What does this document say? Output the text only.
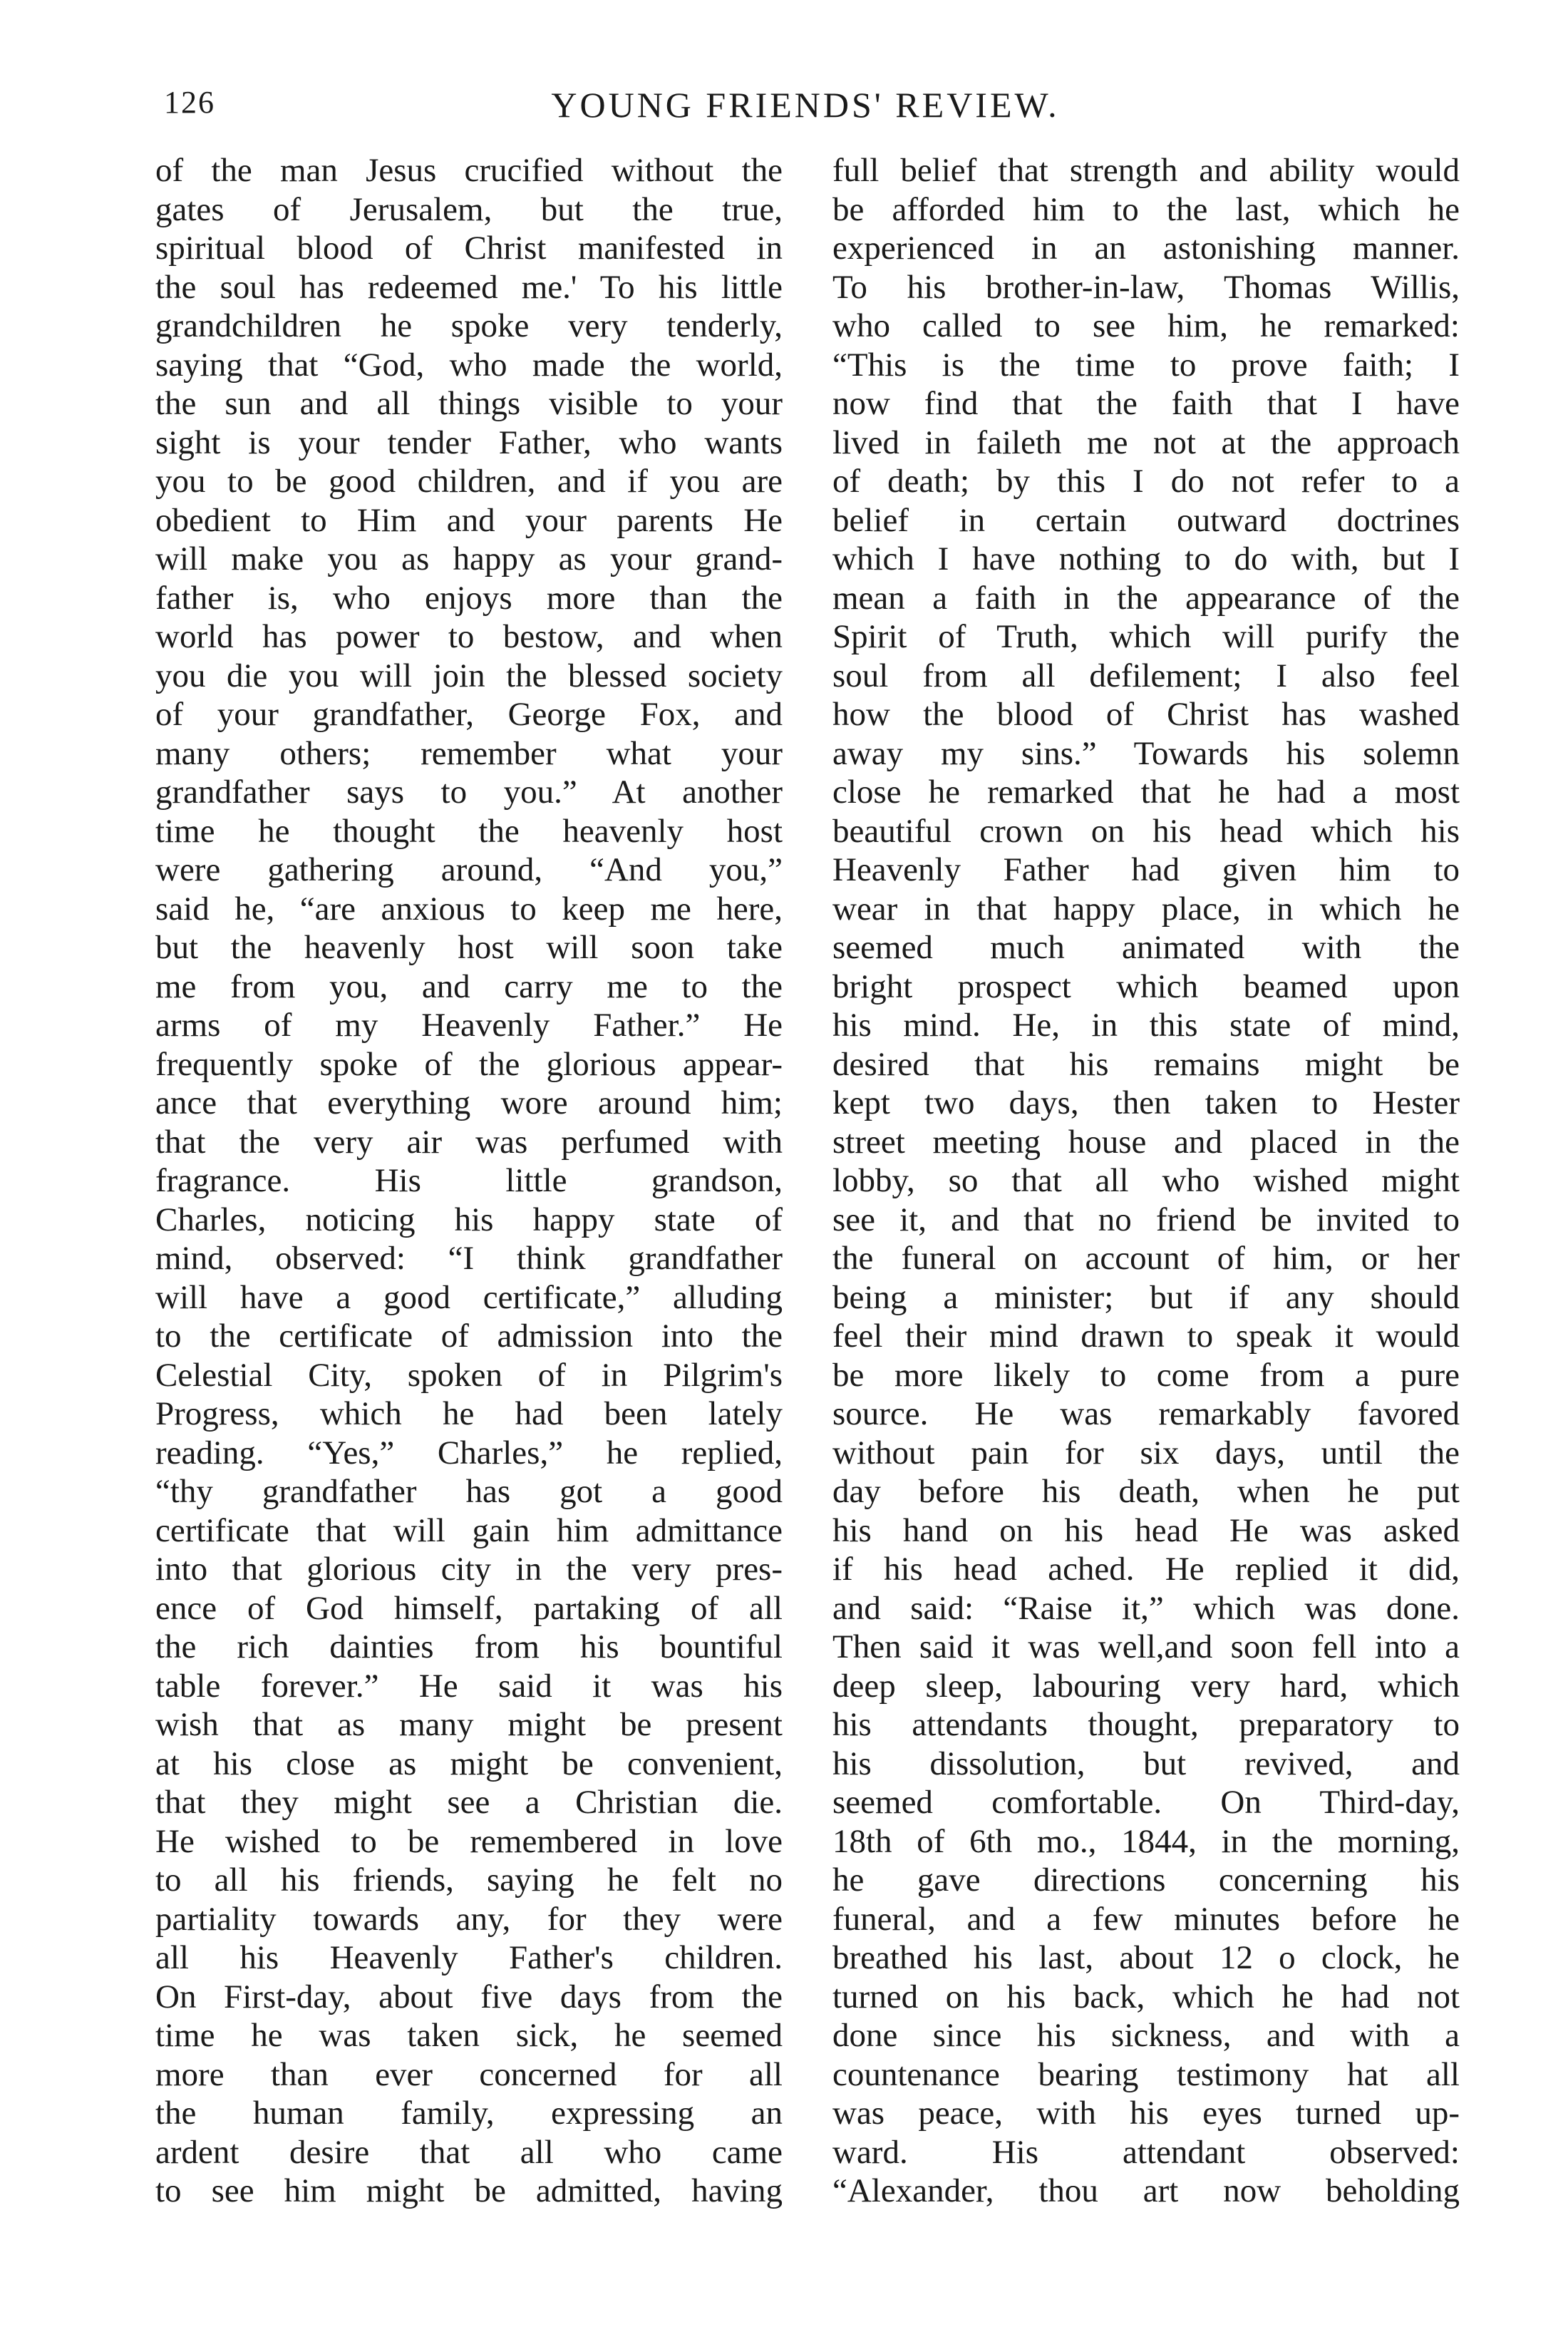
126	YOUNG FRIENDS' REVIEW.
of the man Jesus crucified without the
gates of Jerusalem, but the true,
spiritual blood of Christ manifested in
the soul has redeemed me.' To his little
grandchildren he spoke very tenderly,
saying that “God, who made the world,
the sun and all things visible to your
sight is your tender Father, who wants
you to be good children, and if you are
obedient to Him and your parents He
will make you as happy as your grand-
father is, who enjoys more than the
world has power to bestow, and when
you die you will join the blessed society
of your grandfather, George Fox, and
many others; remember what your
grandfather says to you.” At another
time he thought the heavenly host
were gathering around, “And you,”
said he, “are anxious to keep me here,
but the heavenly host will soon take
me from you, and carry me to the
arms of my Heavenly Father.” He
frequently spoke of the glorious appear-
ance that everything wore around him;
that the very air was perfumed with
fragrance. His little grandson,
Charles, noticing his happy state of
mind, observed: “I think grandfather
will have a good certificate,” alluding
to the certificate of admission into the
Celestial City, spoken of in Pilgrim's
Progress, which he had been lately
reading. “Yes,” Charles,” he replied,
“thy grandfather has got a good
certificate that will gain him admittance
into that glorious city in the very pres-
ence of God himself, partaking of all
the rich dainties from his bountiful
table forever.” He said it was his
wish that as many might be present
at his close as might be convenient,
that they might see a Christian die.
He wished to be remembered in love
to all his friends, saying he felt no
partiality towards any, for they were
all his Heavenly Father's children.
On First-day, about five days from the
time he was taken sick, he seemed
more than ever concerned for all
the human family, expressing an
ardent desire that all who came
to see him might be admitted, having
full belief that strength and ability would
be afforded him to the last, which he
experienced in an astonishing manner.
To his brother-in-law, Thomas Willis,
who called to see him, he remarked:
“This is the time to prove faith; I
now find that the faith that I have
lived in faileth me not at the approach
of death; by this I do not refer to a
belief in certain outward doctrines
which I have nothing to do with, but I
mean a faith in the appearance of the
Spirit of Truth, which will purify the
soul from all defilement; I also feel
how the blood of Christ has washed
away my sins.” Towards his solemn
close he remarked that he had a most
beautiful crown on his head which his
Heavenly Father had given him to
wear in that happy place, in which he
seemed much animated with the
bright prospect which beamed upon
his mind. He, in this state of mind,
desired that his remains might be
kept two days, then taken to Hester
street meeting house and placed in the
lobby, so that all who wished might
see it, and that no friend be invited to
the funeral on account of him, or her
being a minister; but if any should
feel their mind drawn to speak it would
be more likely to come from a pure
source. He was remarkably favored
without pain for six days, until the
day before his death, when he put
his hand on his head He was asked
if his head ached. He replied it did,
and said: “Raise it,” which was done.
Then said it was well,and soon fell into a
deep sleep, labouring very hard, which
his attendants thought, preparatory to
his dissolution, but revived, and
seemed comfortable. On Third-day,
18th of 6th mo., 1844, in the morning,
he gave directions concerning his
funeral, and a few minutes before he
breathed his last, about 12 o clock, he
turned on his back, which he had not
done since his sickness, and with a
countenance bearing testimony hat all
was peace, with his eyes turned up-
ward. His attendant observed:
“Alexander, thou art now beholding
